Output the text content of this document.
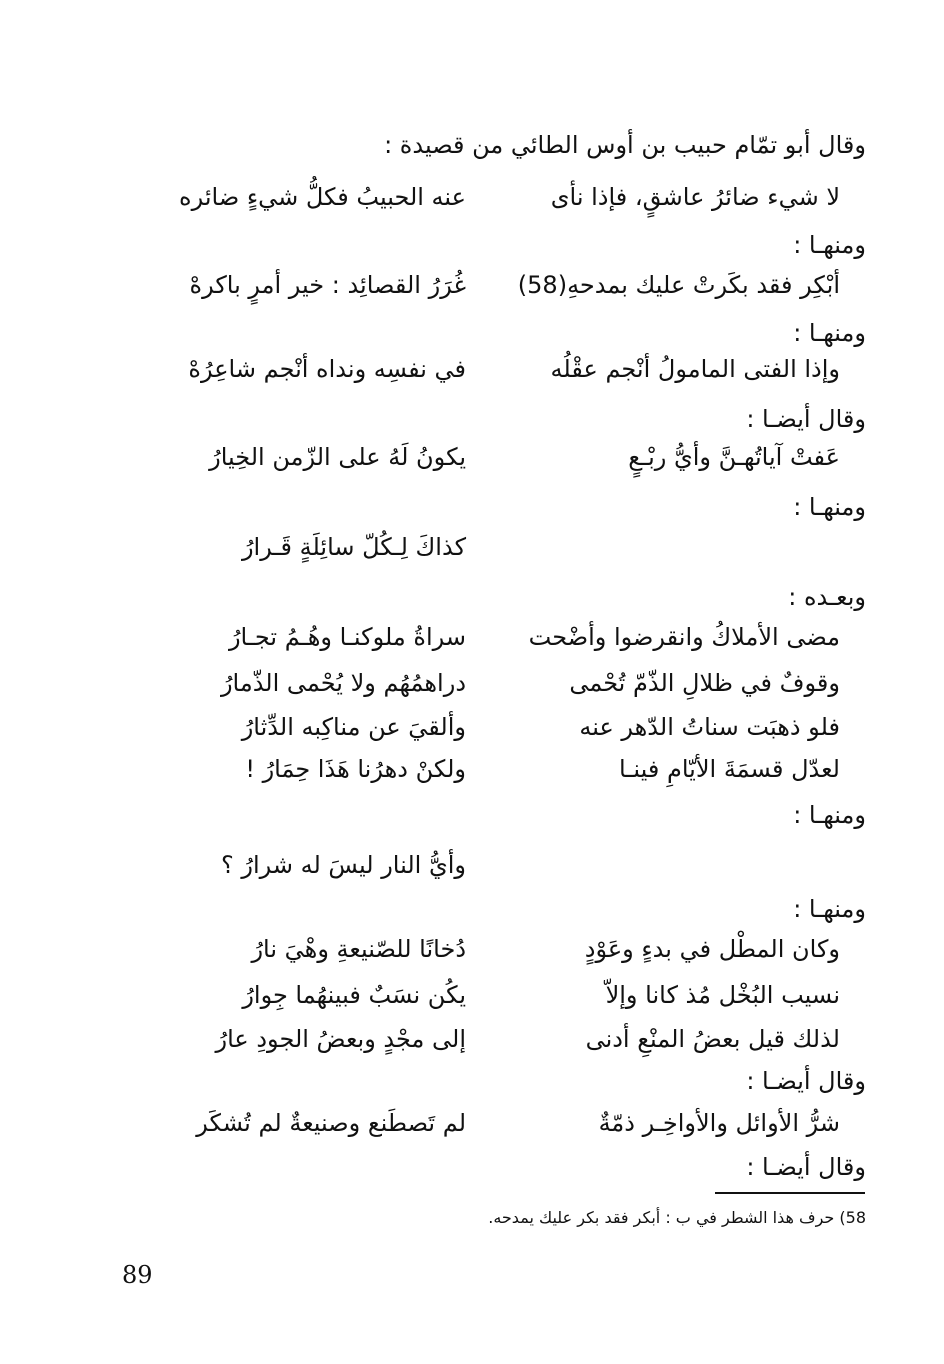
وقال أبو تمّام حبيب بن أوس الطائي من قصيدة :
لا شيء ضائرُ عاشقٍ، فإذا نأى
عنه الحبيبُ فكلُّ شيءٍ ضائره
ومنهـا :
أبْكِر فقد بكَرتْ عليك بمدحهِ(58)
غُرَرُ القصائِد : خير أمرٍ باكرهْ
ومنهـا :
وإذا الفتى المامولُ أنْجم عقْلُه
في نفسِه ونداه أنْجم شاعِرُهْ
وقال أيضـا :
عَفتْ آياتُهـنَّ وأيُّ ربْـعٍ
يكونُ لَهُ على الزّمن الخِيارُ
ومنهـا :
كذاكَ لِـكُلّ سائِلَةٍ قَـرارُ
وبعـده :
مضى الأملاكُ وانقرضوا وأضْحت
سراةُ ملوكنـا وهُـمُ تجـارُ
وقوفٌ في ظلالِ الذّمّ تُحْمى
دراهمُهُم ولا يُحْمى الذّمارُ
فلو ذهبَت سناتُ الدّهر عنه
وألقيَ عن مناكِبه الدِّثارُ
لعدّل قسمَةَ الأيّامِ فينـا
ولكنْ دهرُنا هَذَا حِمَارُ !
ومنهـا :
وأيُّ النار ليسَ له شرارُ ؟
ومنهـا :
وكان المطْل في بدءٍ وعَوْدٍ
دُخانًا للصّنيعةِ وهْيَ نارُ
نسيب البُخْل مُذ كانا وإلاّ
يكُن نسَبٌ فبينهُما جِوارُ
لذلك قيل بعضُ المنْعِ أدنى
إلى مجْدٍ وبعضُ الجودِ عارُ
وقال أيضـا :
شرُّ الأوائل والأواخِـر ذمّةٌ
لم تَصطَنع وصنيعةٌ لم تُشكَر
وقال أيضـا :
58) حرف هذا الشطر في ب : أبكر فقد بكر عليك يمدحه.
89
